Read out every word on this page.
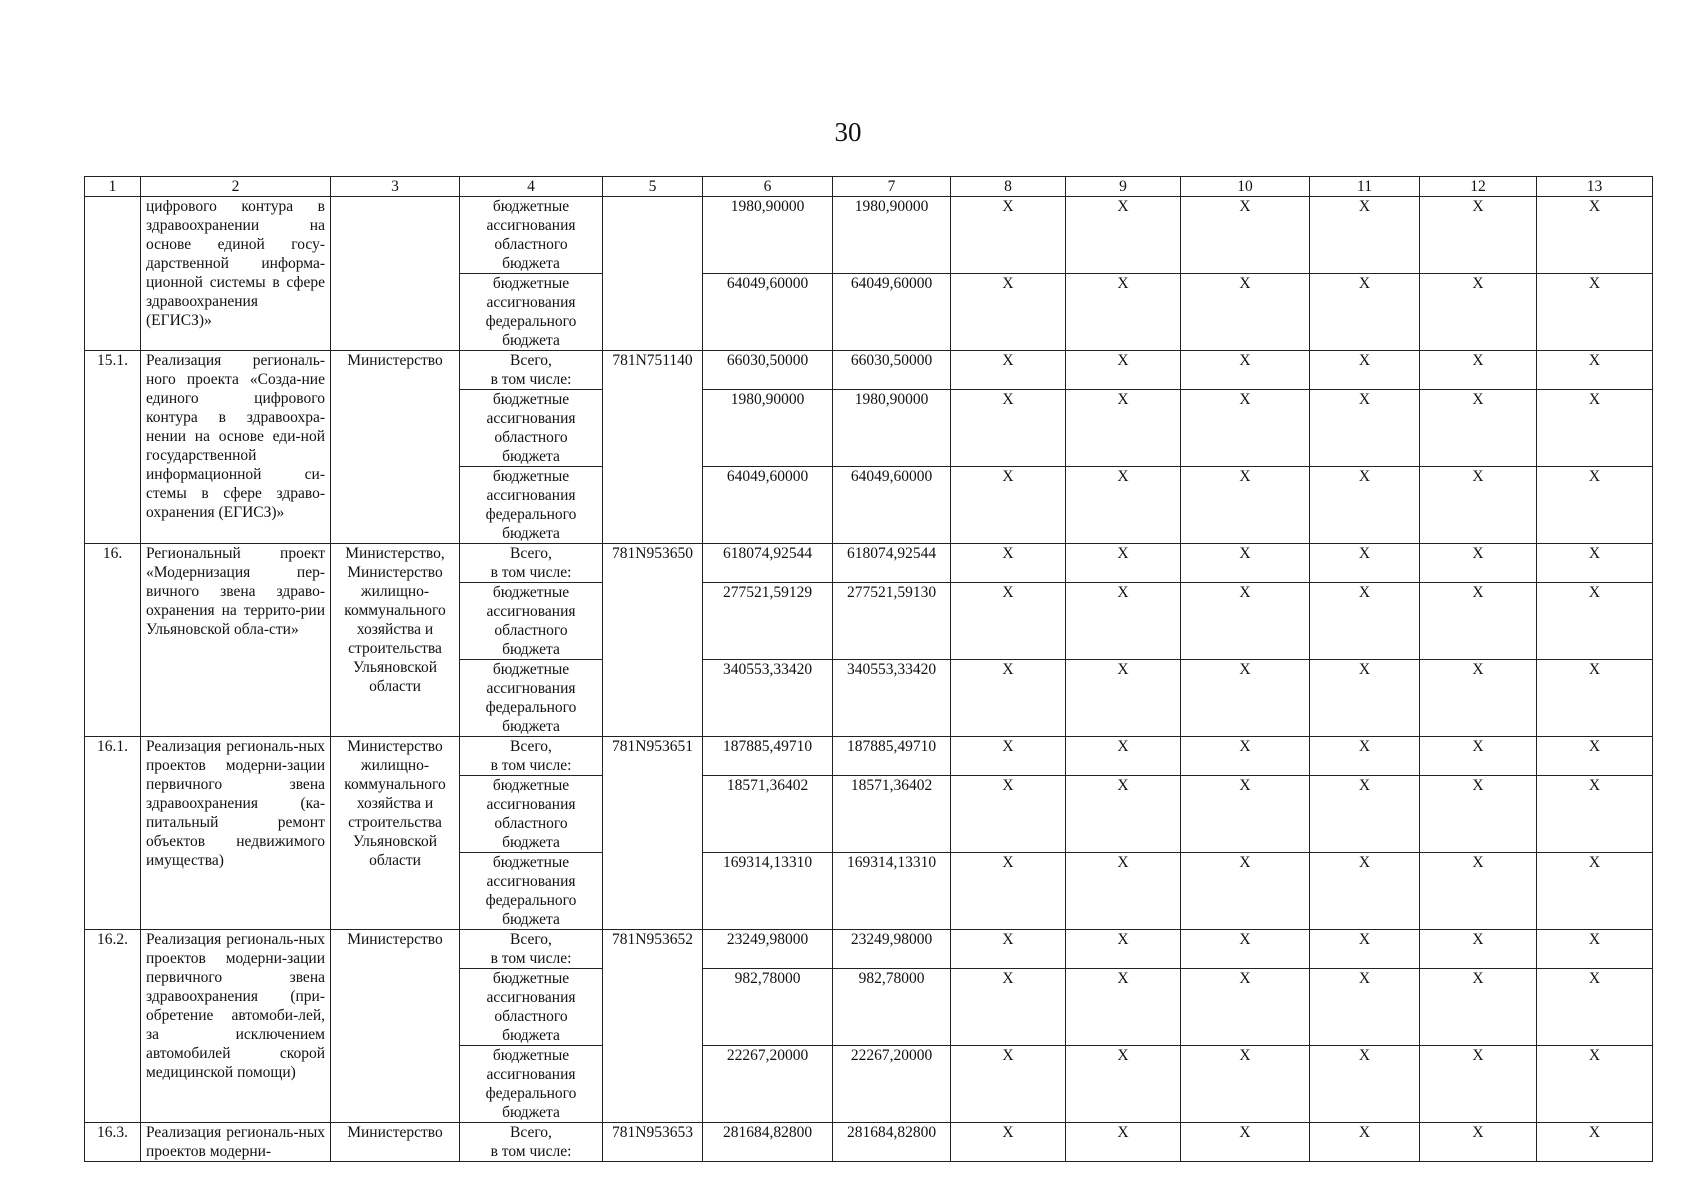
30
1	2	3	4	5	6	7	8	9	10	11	12	13
	цифрового контура в здравоохранении на основе единой госу-дарственной информа-ционной системы в сфере здравоохранения (ЕГИСЗ)»		бюджетные
ассигнования
областного
бюджета		1980,90000	1980,90000	X	X	X	X	X	X

			бюджетные
ассигнования
федерального
бюджета		64049,60000	64049,60000	X	X	X	X	X	X
15.1.	Реализация региональ-ного проекта «Созда-ние единого цифрового контура в здравоохра-нении на основе еди-ной государственной информационной си-стемы в сфере здраво-охранения (ЕГИСЗ)»	Министерство	Всего,
в том числе:	781N751140	66030,50000	66030,50000	X	X	X	X	X	X

			бюджетные
ассигнования
областного
бюджета		1980,90000	1980,90000	X	X	X	X	X	X

			бюджетные
ассигнования
федерального
бюджета		64049,60000	64049,60000	X	X	X	X	X	X
16.	Региональный проект «Модернизация пер-вичного звена здраво-охранения на террито-рии Ульяновской обла-сти»	Министерство, Министерство жилищно-коммунального хозяйства и строительства Ульяновской области	Всего,
в том числе:	781N953650	618074,92544	618074,92544	X	X	X	X	X	X

			бюджетные
ассигнования
областного
бюджета		277521,59129	277521,59130	X	X	X	X	X	X

			бюджетные
ассигнования
федерального
бюджета		340553,33420	340553,33420	X	X	X	X	X	X
16.1.	Реализация региональ-ных проектов модерни-зации первичного звена здравоохранения (ка-питальный ремонт объектов недвижимого имущества)	Министерство жилищно-коммунального хозяйства и строительства Ульяновской области	Всего,
в том числе:	781N953651	187885,49710	187885,49710	X	X	X	X	X	X

			бюджетные
ассигнования
областного
бюджета		18571,36402	18571,36402	X	X	X	X	X	X

			бюджетные
ассигнования
федерального
бюджета		169314,13310	169314,13310	X	X	X	X	X	X
16.2.	Реализация региональ-ных проектов модерни-зации первичного звена здравоохранения (при-обретение автомоби-лей, за исключением автомобилей скорой медицинской помощи)	Министерство	Всего,
в том числе:	781N953652	23249,98000	23249,98000	X	X	X	X	X	X

			бюджетные
ассигнования
областного
бюджета		982,78000	982,78000	X	X	X	X	X	X

			бюджетные
ассигнования
федерального
бюджета		22267,20000	22267,20000	X	X	X	X	X	X
16.3.	Реализация региональ-ных проектов модерни-	Министерство	Всего,
в том числе:	781N953653	281684,82800	281684,82800	X	X	X	X	X	X
